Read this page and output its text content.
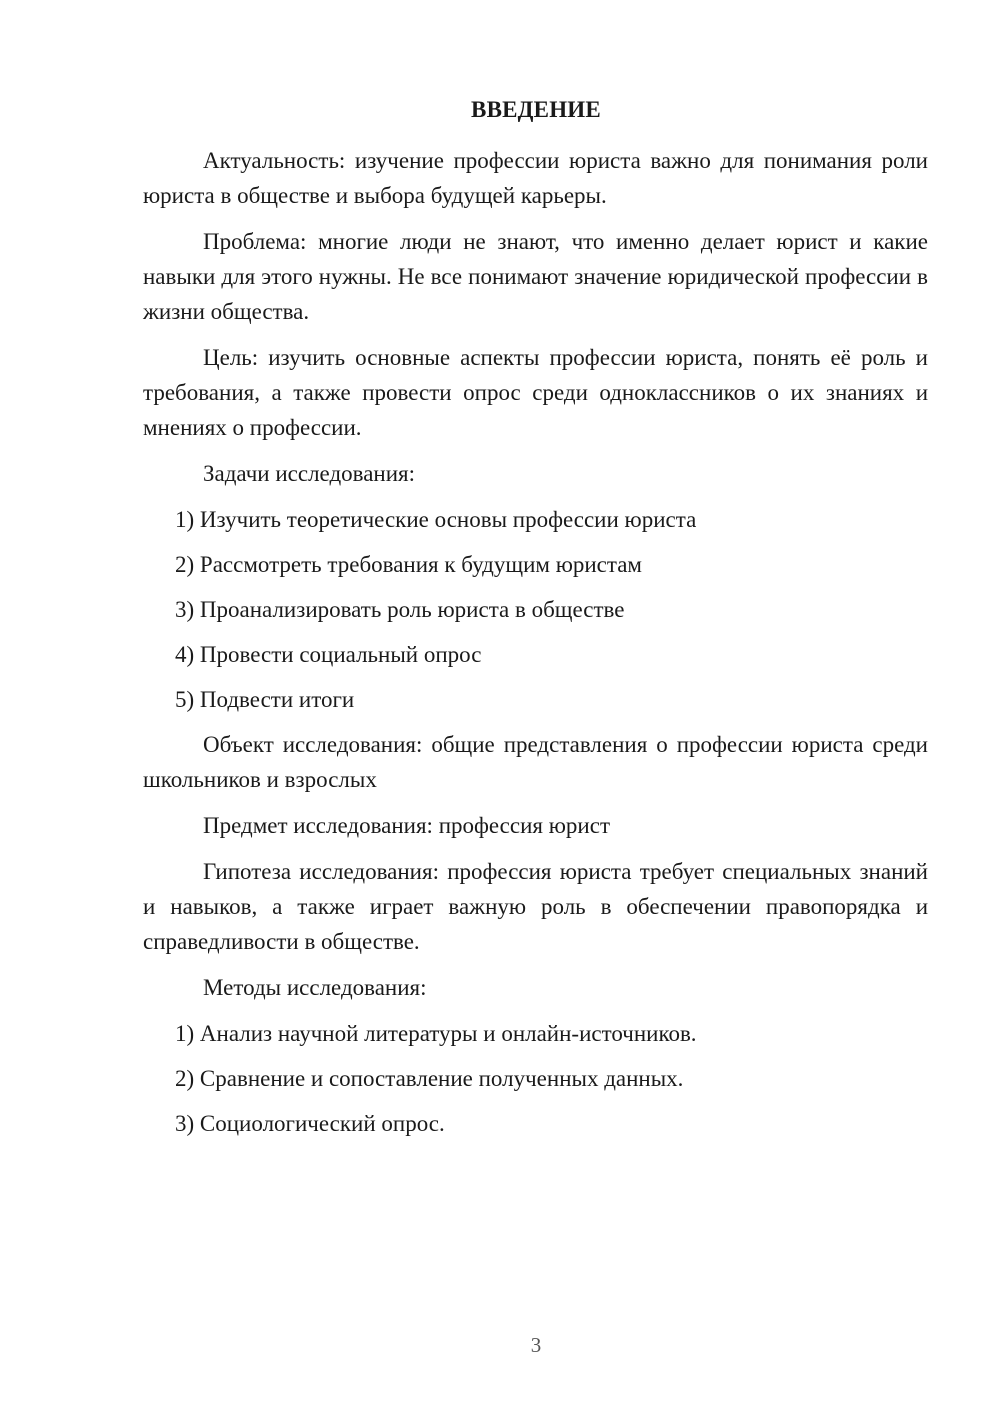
ВВЕДЕНИЕ

Актуальность: изучение профессии юриста важно для понимания роли юриста в обществе и выбора будущей карьеры.

Проблема: многие люди не знают, что именно делает юрист и какие навыки для этого нужны. Не все понимают значение юридической профессии в жизни общества.

Цель: изучить основные аспекты профессии юриста, понять её роль и требования, а также провести опрос среди одноклассников о их знаниях и мнениях о профессии.

Задачи исследования:

1) Изучить теоретические основы профессии юриста
2) Рассмотреть требования к будущим юристам
3) Проанализировать роль юриста в обществе
4) Провести социальный опрос
5) Подвести итоги

Объект исследования: общие представления о профессии юриста среди школьников и взрослых

Предмет исследования: профессия юрист

Гипотеза исследования: профессия юриста требует специальных знаний и навыков, а также играет важную роль в обеспечении правопорядка и справедливости в обществе.

Методы исследования:

1) Анализ научной литературы и онлайн-источников.
2) Сравнение и сопоставление полученных данных.
3) Социологический опрос.
3
